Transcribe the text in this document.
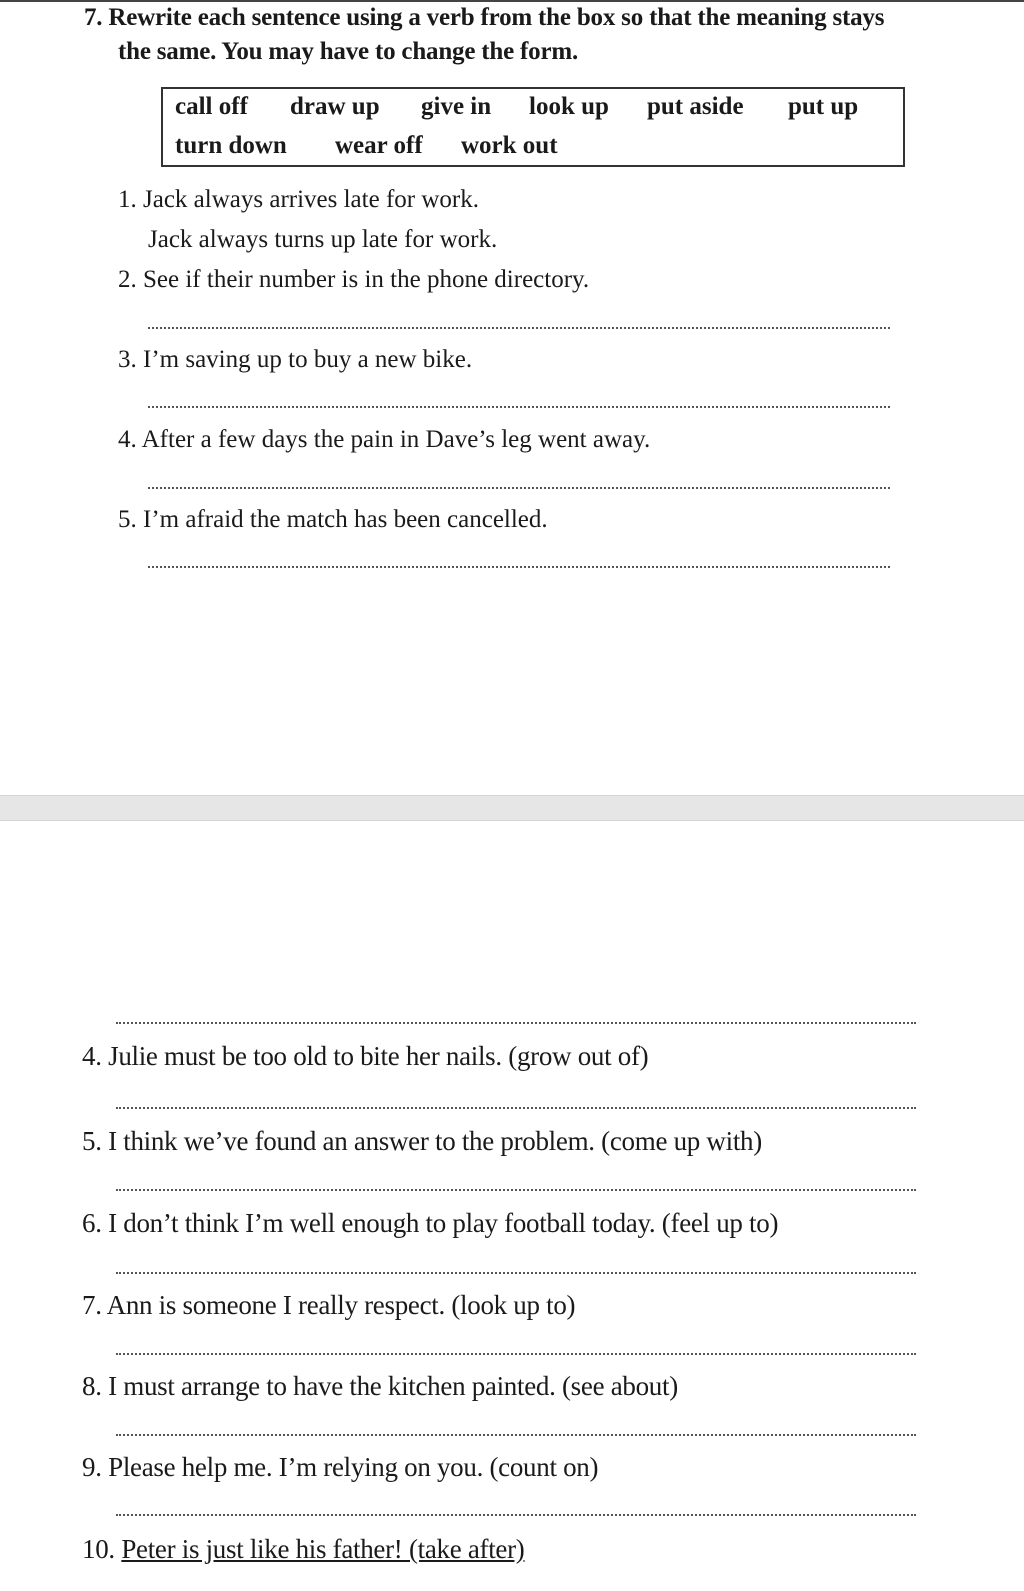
7. Rewrite each sentence using a verb from the box so that the meaning stays
the same. You may have to change the form.
call off draw up give in look up put aside put up
turn down wear off work out
1. Jack always arrives late for work.
Jack always turns up late for work.
2. See if their number is in the phone directory.
3. I’m saving up to buy a new bike.
4. After a few days the pain in Dave’s leg went away.
5. I’m afraid the match has been cancelled.
4. Julie must be too old to bite her nails. (grow out of)
5. I think we’ve found an answer to the problem. (come up with)
6. I don’t think I’m well enough to play football today. (feel up to)
7. Ann is someone I really respect. (look up to)
8. I must arrange to have the kitchen painted. (see about)
9. Please help me. I’m relying on you. (count on)
10. Peter is just like his father! (take after)
